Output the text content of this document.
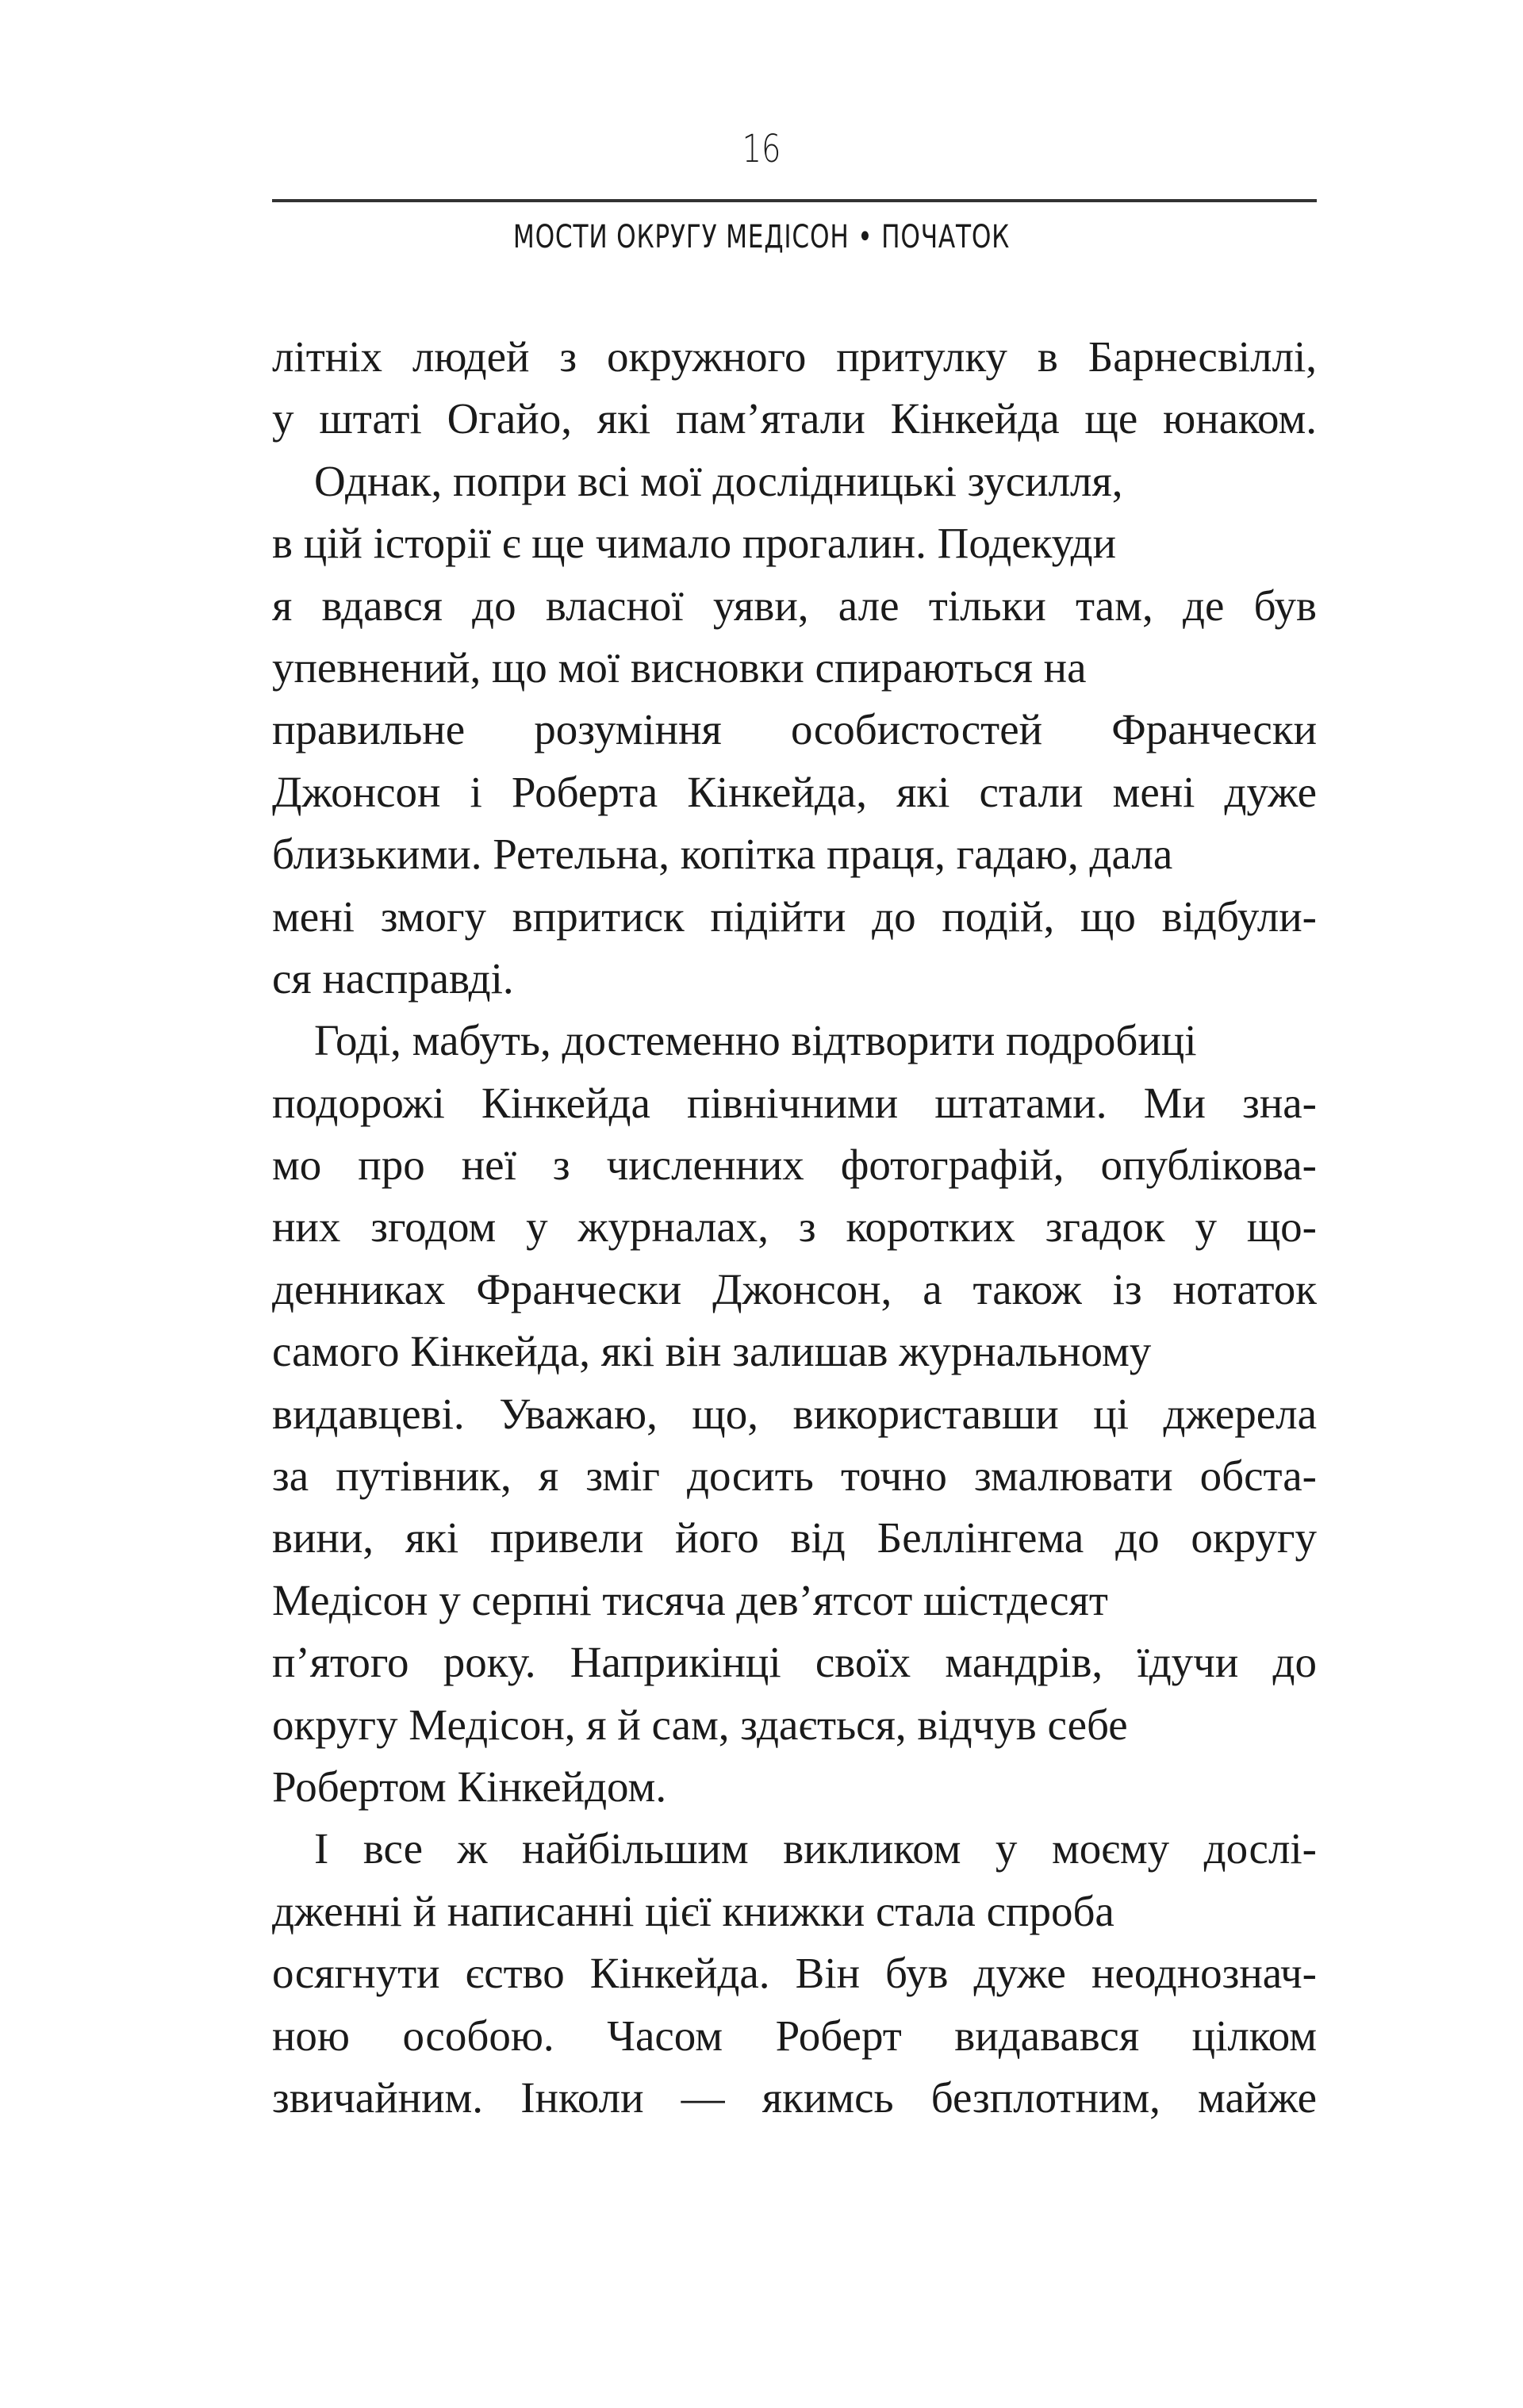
16
МОСТИ ОКРУГУ МЕДІСОН • ПОЧАТОК
літніх людей з окружного притулку в Барнесвіллі,
у штаті Огайо, які пам’ятали Кінкейда ще юнаком.
Однак, попри всі мої дослідницькі зусилля,
в цій історії є ще чимало прогалин. Подекуди
я вдався до власної уяви, але тільки там, де був
упевнений, що мої висновки спираються на
правильне розуміння особистостей Франчески
Джонсон і Роберта Кінкейда, які стали мені дуже
близькими. Ретельна, копітка праця, гадаю, дала
мені змогу впритиск підійти до подій, що відбули-
ся насправді.
Годі, мабуть, достеменно відтворити подробиці
подорожі Кінкейда північними штатами. Ми зна-
мо про неї з численних фотографій, опублікова-
них згодом у журналах, з коротких згадок у що-
денниках Франчески Джонсон, а також із нотаток
самого Кінкейда, які він залишав журнальному
видавцеві. Уважаю, що, використавши ці джерела
за путівник, я зміг досить точно змалювати обста-
вини, які привели його від Беллінгема до округу
Медісон у серпні тисяча дев’ятсот шістдесят
п’ятого року. Наприкінці своїх мандрів, їдучи до
округу Медісон, я й сам, здається, відчув себе
Робертом Кінкейдом.
І все ж найбільшим викликом у моєму дослі-
дженні й написанні цієї книжки стала спроба
осягнути єство Кінкейда. Він був дуже неоднознач-
ною особою. Часом Роберт видавався цілком
звичайним. Інколи — якимсь безплотним, майже
